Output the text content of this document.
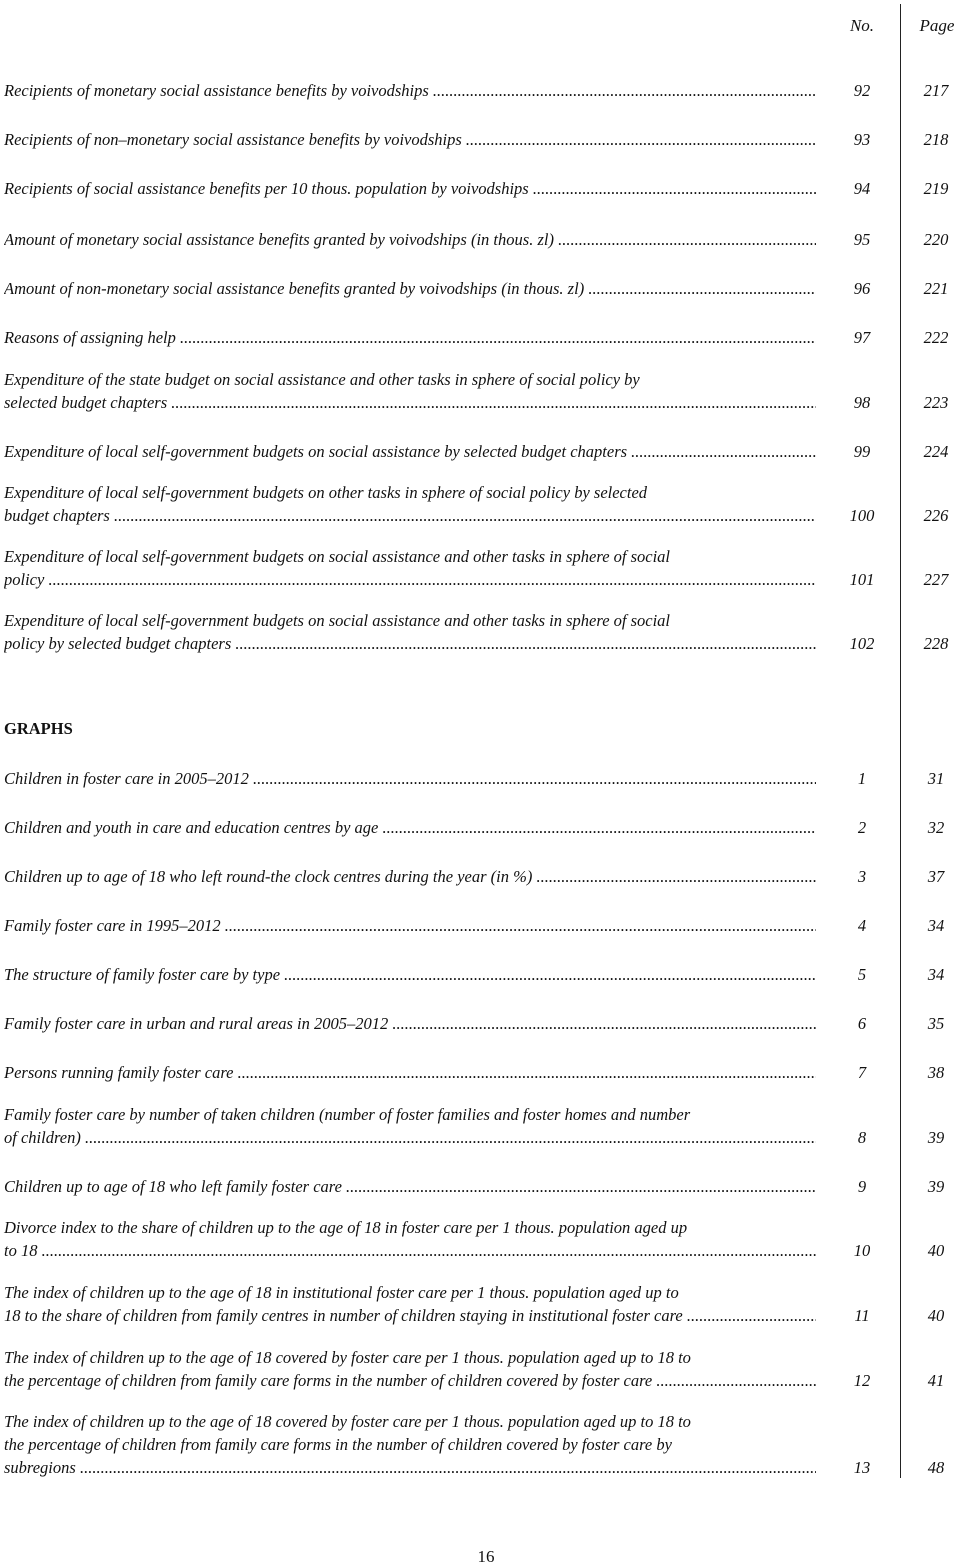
No.	Page
Recipients of monetary social assistance benefits by voivodships .....	92	217
Recipients of non–monetary social assistance benefits by voivodships .....	93	218
Recipients of social assistance benefits per 10 thous. population by voivodships .....	94	219
Amount of monetary social assistance benefits granted by voivodships (in thous. zl) .....	95	220
Amount of non-monetary social assistance benefits granted by voivodships (in thous. zl) .....	96	221
Reasons of assigning help .....	97	222
Expenditure of the state budget on social assistance and other tasks in sphere of social policy by
selected budget chapters .....	98	223
Expenditure of local self-government budgets on social assistance by selected budget chapters .....	99	224
Expenditure of local self-government budgets on other tasks in sphere of social policy by selected
budget chapters .....	100	226
Expenditure of local self-government budgets on social assistance and other tasks in sphere of social
policy .....	101	227
Expenditure of local self-government budgets on social assistance and other tasks in sphere of social
policy by selected budget chapters .....	102	228
GRAPHS
Children in foster care in 2005–2012 .....	1	31
Children and youth in care and education centres by age .....	2	32
Children up to age of 18 who left round-the clock centres during the year (in %) .....	3	37
Family foster care in 1995–2012 .....	4	34
The structure of family foster care by type .....	5	34
Family foster care in urban and rural areas in 2005–2012 .....	6	35
Persons running family foster care .....	7	38
Family foster care by number of taken children (number of foster families and foster homes and number
of children) .....	8	39
Children up to age of 18 who left family foster care .....	9	39
Divorce index to the share of children up to the age of 18 in foster care per 1 thous. population aged up
to 18 .....	10	40
The index of children up to the age of 18 in institutional foster care per 1 thous. population aged up to
18 to the share of children from family centres in number of children staying in institutional foster care .....	11	40
The index of children up to the age of 18 covered by foster care per 1 thous. population aged up to 18 to
the percentage of children from family care forms in the number of children covered by foster care .....	12	41
The index of children up to the age of 18 covered by foster care per 1 thous. population aged up to 18 to
the percentage of children from family care forms in the number of children covered by foster care by
subregions .....	13	48
16
